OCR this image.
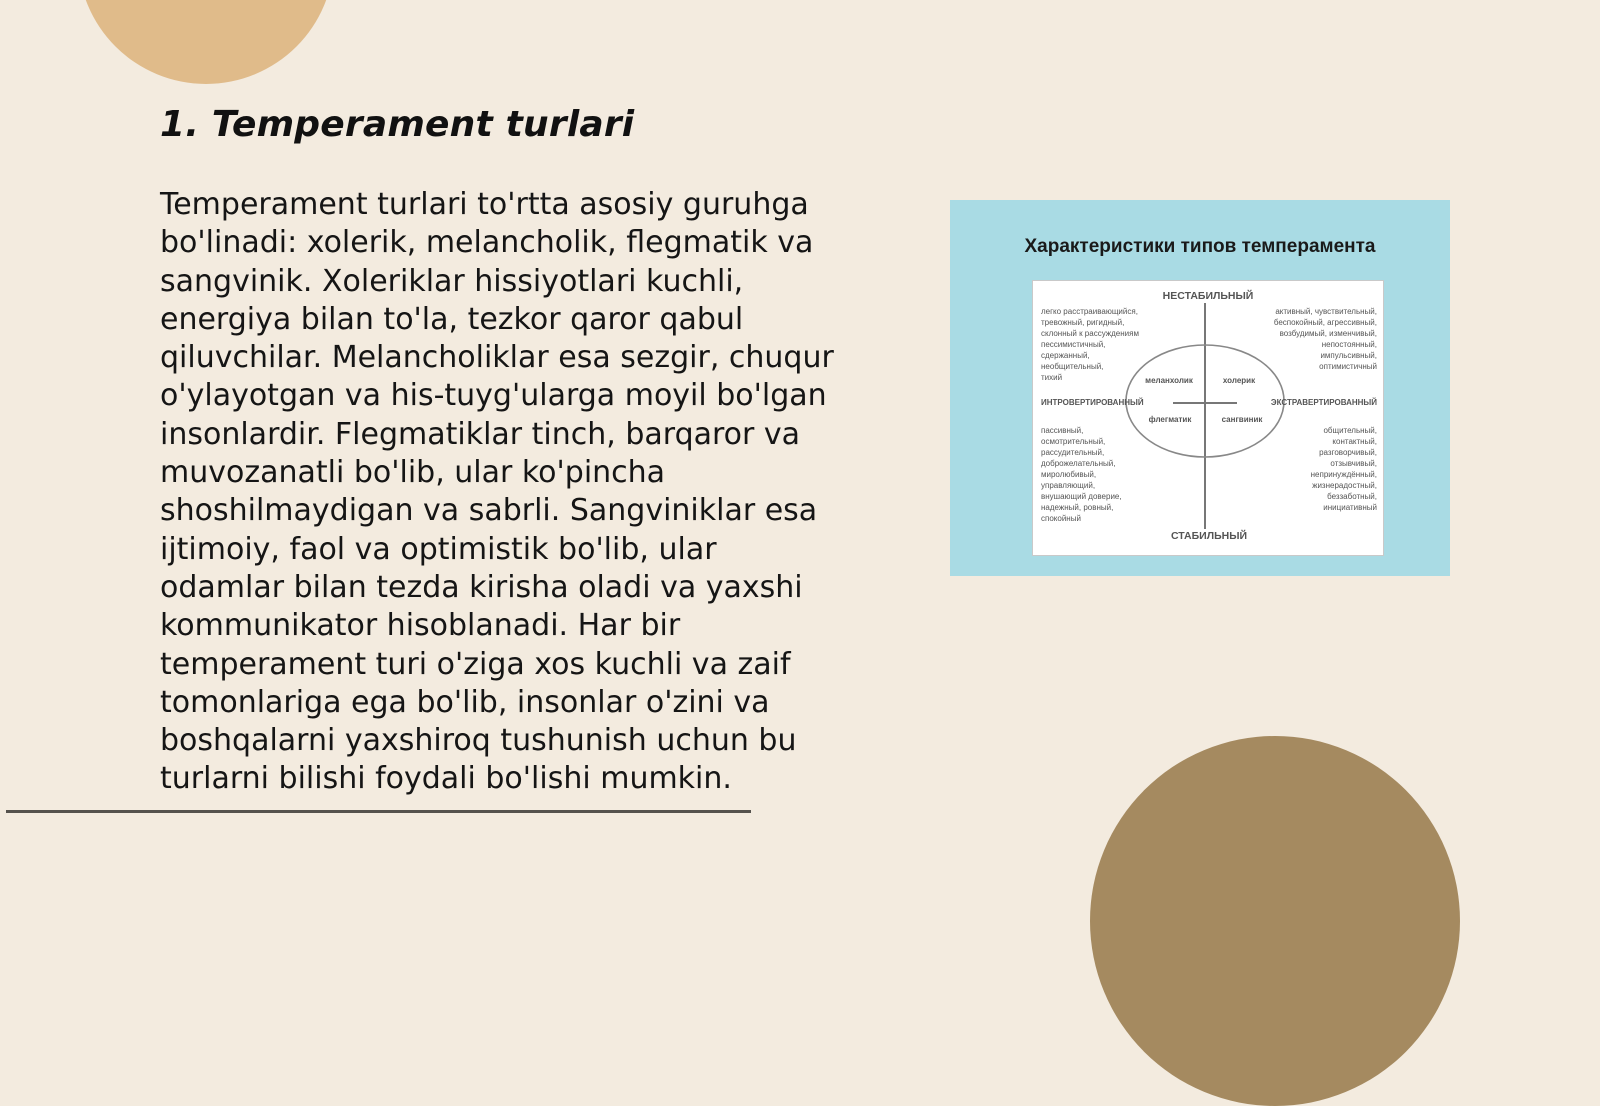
1. Temperament turlari

Temperament turlari to'rtta asosiy guruhga bo'linadi: xolerik, melancholik, flegmatik va sangvinik. Xoleriklar hissiyotlari kuchli, energiya bilan to'la, tezkor qaror qabul qiluvchilar. Melancholiklar esa sezgir, chuqur o'ylayotgan va his-tuyg'ularga moyil bo'lgan insonlardir. Flegmatiklar tinch, barqaror va muvozanatli bo'lib, ular ko'pincha shoshilmaydigan va sabrli. Sangviniklar esa ijtimoiy, faol va optimistik bo'lib, ular odamlar bilan tezda kirisha oladi va yaxshi kommunikator hisoblanadi. Har bir temperament turi o'ziga xos kuchli va zaif tomonlariga ega bo'lib, insonlar o'zini va boshqalarni yaxshiroq tushunish uchun bu turlarni bilishi foydali bo'lishi mumkin.

Характеристики типов темперамента
НЕСТАБИЛЬНЫЙ
СТАБИЛЬНЫЙ
ИНТРОВЕРТИРОВАННЫЙ	ЭКСТРАВЕРТИРОВАННЫЙ
меланхолик	холерик
флегматик	сангвиник
легко расстраивающийся,
тревожный, ригидный,
склонный к рассуждениям
пессимистичный,
сдержанный,
необщительный,
тихий
активный, чувствительный,
беспокойный, агрессивный,
возбудимый, изменчивый,
непостоянный,
импульсивный,
оптимистичный
пассивный,
осмотрительный,
рассудительный,
доброжелательный,
миролюбивый,
управляющий,
внушающий доверие,
надежный, ровный,
спокойный
общительный,
контактный,
разговорчивый,
отзывчивый,
непринуждённый,
жизнерадостный,
беззаботный,
инициативный
